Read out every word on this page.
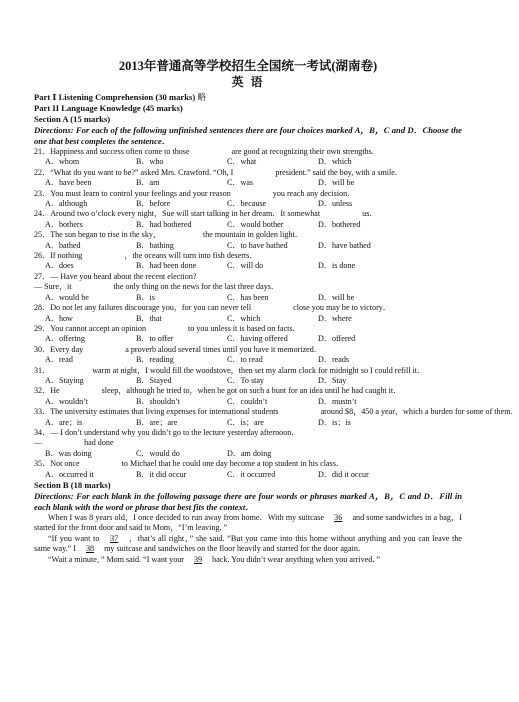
2013年普通高等学校招生全国统一考试(湖南卷)
英 语
Part Ⅰ Listening Comprehension (30 marks) 略
Part II Language Knowledge (45 marks)
Section A (15 marks)
Directions: For each of the following unfinished sentences there are four choices marked A，B，C and D．Choose the one that best completes the sentence．
21．Happiness and success often come to those	are good at recognizing their own strengths.
A．whom	B．who	C．what	D．which
22．“What do you want to be?” asked Mrs. Crawford. “Oh, I	president.” said the boy, with a smile.
A．have been	B．am	C．was	D．will be
23．You must learn to control your feelings and your reason	you reach any decision．
A．although	B．before	C．because	D．unless
24．Around two o’clock every night，Sue will start talking in her dream．It somewhat	us．
A．bothers	B．had bothered	C．would bother	D．bothered
25．The sun began to rise in the sky，	the mountain in golden light．
A．bathed	B．bathing	C．to have bathed	D．have bathed
26．If nothing	，the oceans will turn into fish deserts．
A．does	B．had been done	C．will do	D．is done
27．— Have you heard about the recent election?
— Sure，it	the only thing on the news for the last three days．
A．would be	B．is	C．has been	D．will be
28．Do not let any failures discourage you，for you can never tell	close you may be to victory．
A．how	B．that	C．which	D．where
29．You cannot accept an opinion	to you unless it is based on facts．
A．offering	B．to offer	C．having offered	D．offered
30．Every day	a proverb aloud several times until you have it memorized．
A．read	B．reading	C．to read	D．reads
31．	warm at night，I would fill the woodstove，then set my alarm clock for midnight so I could refill it．
A．Staying	B．Stayed	C．To stay	D．Stay
32．He	sleep，although he tried to，when he got on such a hunt for an idea until he had caught it．
A．wouldn’t	B．shouldn’t	C．couldn’t	D．mustn’t
33．The university estimates that living expenses for international students	around $8，450 a year，which a burden for some of them．
A．are；is	B．are；are	C．is；are	D．is；is
34．— I don’t understand why you didn’t go to the lecture yesterday afternoon．
—	had done
B．was doing	C．would do	D．am doing
35．Not once	to Michael that he could one day become a top student in his class．
A．occurred it	B．it did occur	C．it occurred	D．did it occur
Section B (18 marks)
Directions: For each blank in the following passage there are four words or phrases marked A，B，C and D．Fill in each blank with the word or phrase that best fits the context．

When I was 8 years old，I once decided to run away from home．With my suitcase 36 and some sandwiches in a bag，I started for the front door and said to Mom，“I’m leaving．”

“If you want to 37 ，that’s all right，” she said. “But you came into this home without anything and you can leave the same way.” I 38 my suitcase and sandwiches on the floor heavily and started for the door again．

“Wait a minute，” Mom said. “I want your 39 back. You didn’t wear anything when you arrived．”
